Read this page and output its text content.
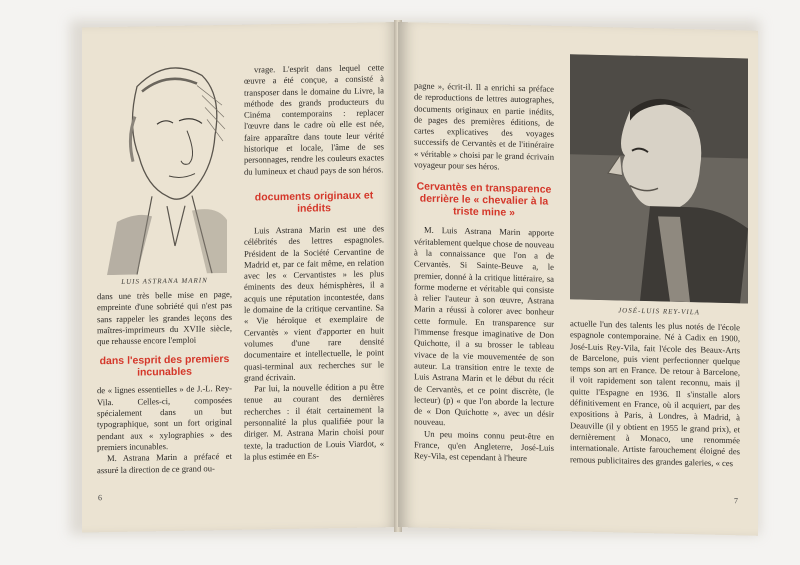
LUIS ASTRANA MARIN

dans une très belle mise en page, empreinte d'une sobriété qui n'est pas sans rappeler les grandes leçons des maîtres-imprimeurs du XVIIe siècle, que rehausse encore l'emploi

dans l'esprit des premiers incunables

de « lignes essentielles » de J.-L. Rey-Vila. Celles-ci, composées spécialement dans un but typographique, sont un fort original pendant aux « xylographies » des premiers incunables.

M. Astrana Marin a préfacé et assuré la direction de ce grand ou-

vrage. L'esprit dans lequel cette œuvre a été conçue, a consisté à transposer dans le domaine du Livre, la méthode des grands producteurs du Cinéma contemporains : replacer l'œuvre dans le cadre où elle est née, faire apparaître dans toute leur vérité historique et locale, l'âme de ses personnages, rendre les couleurs exactes du lumineux et chaud pays de son héros.

documents originaux et inédits

Luis Astrana Marin est une des célébrités des lettres espagnoles. Président de la Société Cervantine de Madrid et, par ce fait même, en relation avec les « Cervantistes » les plus éminents des deux hémisphères, il a acquis une réputation incontestée, dans le domaine de la critique cervantine. Sa « Vie héroïque et exemplaire de Cervantès » vient d'apporter en huit volumes d'une rare densité documentaire et intellectuelle, le point quasi-terminal aux recherches sur le grand écrivain.

Par lui, la nouvelle édition a pu être tenue au courant des dernières recherches : il était certainement la personnalité la plus qualifiée pour la diriger. M. Astrana Marin choisi pour texte, la traduction de Louis Viardot, « la plus estimée en Es-

6

pagne », écrit-il. Il a enrichi sa préface de reproductions de lettres autographes, documents originaux en partie inédits, de pages des premières éditions, de cartes explicatives des voyages successifs de Cervantès et de l'itinéraire « véritable » choisi par le grand écrivain voyageur pour ses héros.

Cervantès en transparence derrière le « chevalier à la triste mine »

M. Luis Astrana Marin apporte véritablement quelque chose de nouveau à la connaissance que l'on a de Cervantès. Si Sainte-Beuve a, le premier, donné à la critique littéraire, sa forme moderne et véritable qui consiste à relier l'auteur à son œuvre, Astrana Marin a réussi à colorer avec bonheur cette formule. En transparence sur l'immense fresque imaginative de Don Quichotte, il a su brosser le tableau vivace de la vie mouvementée de son auteur. La transition entre le texte de Luis Astrana Marin et le début du récit de Cervantès, et ce point discrète, (le lecteur) (p) « que l'on aborde la lecture de « Don Quichotte », avec un désir nouveau.

Un peu moins connu peut-être en France, qu'en Angleterre, José-Luis Rey-Vila, est cependant à l'heure

JOSÉ-LUIS REY-VILA

actuelle l'un des talents les plus notés de l'école espagnole contemporaine. Né à Cadix en 1900, José-Luis Rey-Vila, fait l'école des Beaux-Arts de Barcelone, puis vient perfectionner quelque temps son art en France. De retour à Barcelone, il voit rapidement son talent reconnu, mais il quitte l'Espagne en 1936. Il s'installe alors définitivement en France, où il acquiert, par des expositions à Paris, à Londres, à Madrid, à Deauville (il y obtient en 1955 le grand prix), et dernièrement à Monaco, une renommée internationale. Artiste farouchement éloigné des remous publicitaires des grandes galeries, « ces

7
